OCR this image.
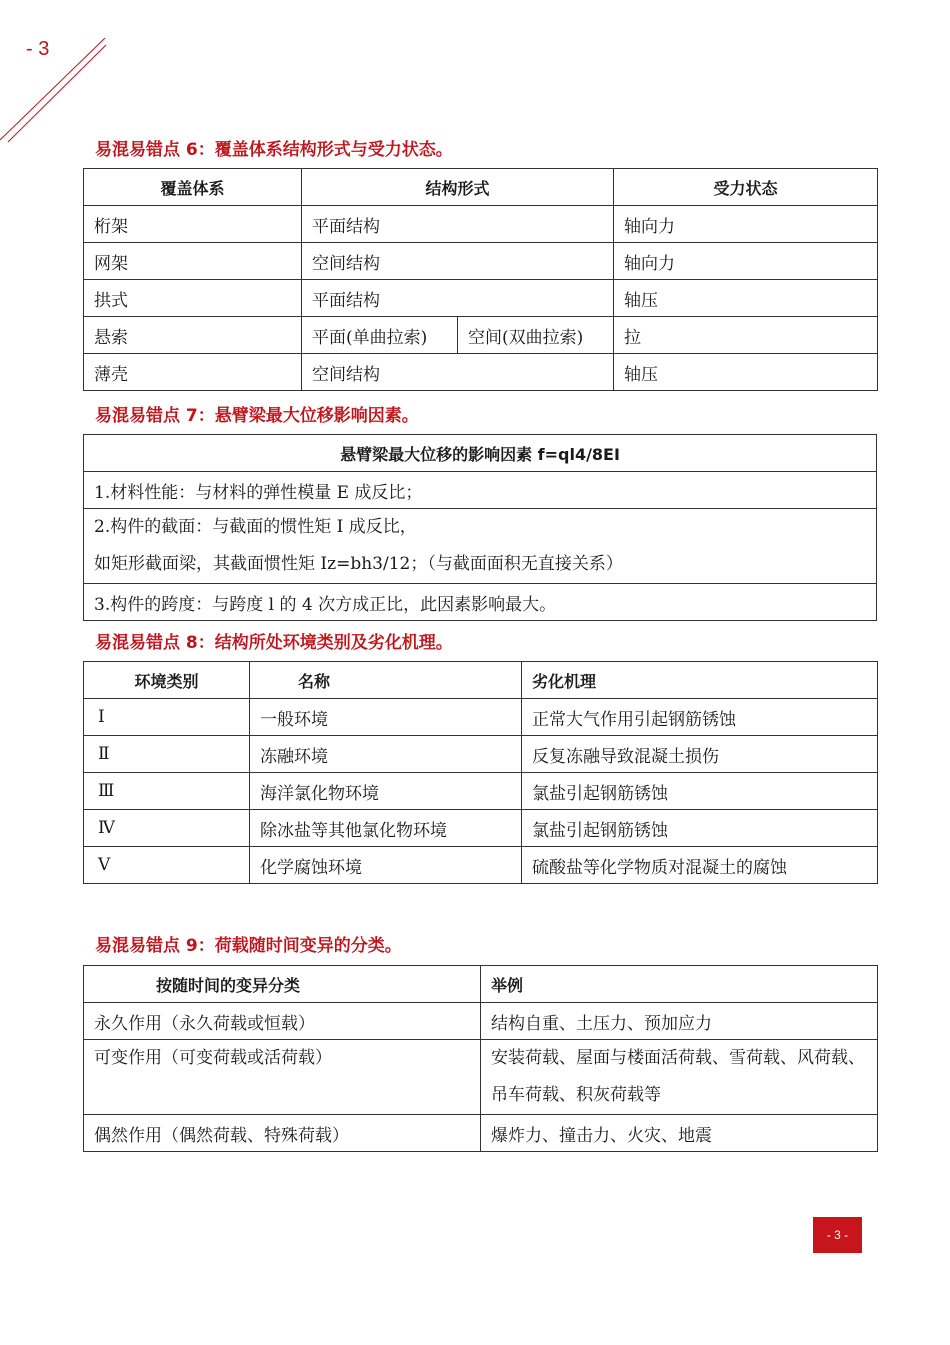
- 3
易混易错点 6：覆盖体系结构形式与受力状态。
覆盖体系	结构形式		受力状态
桁架	平面结构		轴向力
网架	空间结构		轴向力
拱式	平面结构		轴压
悬索	平面(单曲拉索)	空间(双曲拉索)	拉
薄壳	空间结构		轴压
易混易错点 7：悬臂梁最大位移影响因素。
悬臂梁最大位移的影响因素 f=ql4/8EI
1.材料性能：与材料的弹性模量 E 成反比；

2.构件的截面：与截面的惯性矩 I 成反比，
如矩形截面梁，其截面惯性矩 Iz=bh3/12；（与截面面积无直接关系）

3.构件的跨度：与跨度 l 的 4 次方成正比，此因素影响最大。
易混易错点 8：结构所处环境类别及劣化机理。
环境类别	名称	劣化机理
Ⅰ	一般环境	正常大气作用引起钢筋锈蚀
Ⅱ	冻融环境	反复冻融导致混凝土损伤
Ⅲ	海洋氯化物环境	氯盐引起钢筋锈蚀
Ⅳ	除冰盐等其他氯化物环境	氯盐引起钢筋锈蚀
Ⅴ	化学腐蚀环境	硫酸盐等化学物质对混凝土的腐蚀
易混易错点 9：荷载随时间变异的分类。
按随时间的变异分类	举例
永久作用（永久荷载或恒载）	结构自重、土压力、预加应力
可变作用（可变荷载或活荷载）	安装荷载、屋面与楼面活荷载、雪荷载、风荷载、吊车荷载、积灰荷载等
偶然作用（偶然荷载、特殊荷载）	爆炸力、撞击力、火灾、地震
- 3 -
